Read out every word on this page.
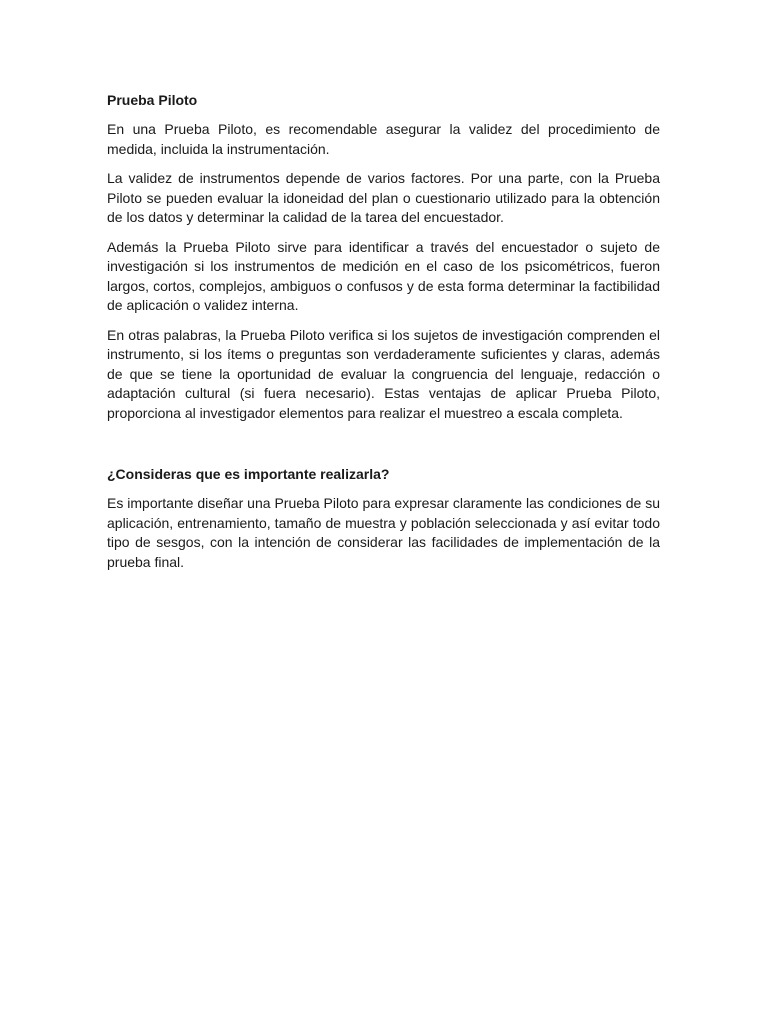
Prueba Piloto

En una Prueba Piloto, es recomendable asegurar la validez del procedimiento de medida, incluida la instrumentación.

La validez de instrumentos depende de varios factores. Por una parte, con la Prueba Piloto se pueden evaluar la idoneidad del plan o cuestionario utilizado para la obtención de los datos y determinar la calidad de la tarea del encuestador.

Además la Prueba Piloto sirve para identificar a través del encuestador o sujeto de investigación si los instrumentos de medición en el caso de los psicométricos, fueron largos, cortos, complejos, ambiguos o confusos y de esta forma determinar la factibilidad de aplicación o validez interna.

En otras palabras, la Prueba Piloto verifica si los sujetos de investigación comprenden el instrumento, si los ítems o preguntas son verdaderamente suficientes y claras, además de que se tiene la oportunidad de evaluar la congruencia del lenguaje, redacción o adaptación cultural (si fuera necesario). Estas ventajas de aplicar Prueba Piloto, proporciona al investigador elementos para realizar el muestreo a escala completa.

¿Consideras que es importante realizarla?

Es importante diseñar una Prueba Piloto para expresar claramente las condiciones de su aplicación, entrenamiento, tamaño de muestra y población seleccionada y así evitar todo tipo de sesgos, con la intención de considerar las facilidades de implementación de la prueba final.
